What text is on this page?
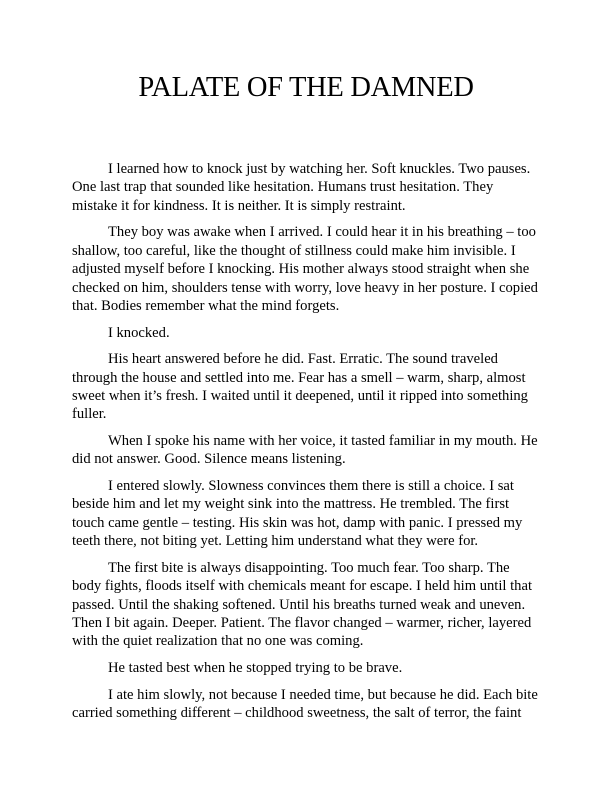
PALATE OF THE DAMNED

I learned how to knock just by watching her. Soft knuckles. Two pauses. One last trap that sounded like hesitation. Humans trust hesitation. They mistake it for kindness. It is neither. It is simply restraint.

They boy was awake when I arrived. I could hear it in his breathing – too shallow, too careful, like the thought of stillness could make him invisible. I adjusted myself before I knocking. His mother always stood straight when she checked on him, shoulders tense with worry, love heavy in her posture. I copied that. Bodies remember what the mind forgets.

I knocked.

His heart answered before he did. Fast. Erratic. The sound traveled through the house and settled into me. Fear has a smell – warm, sharp, almost sweet when it’s fresh. I waited until it deepened, until it ripped into something fuller.

When I spoke his name with her voice, it tasted familiar in my mouth. He did not answer. Good. Silence means listening.

I entered slowly. Slowness convinces them there is still a choice. I sat beside him and let my weight sink into the mattress. He trembled. The first touch came gentle – testing. His skin was hot, damp with panic. I pressed my teeth there, not biting yet. Letting him understand what they were for.

The first bite is always disappointing. Too much fear. Too sharp. The body fights, floods itself with chemicals meant for escape. I held him until that passed. Until the shaking softened. Until his breaths turned weak and uneven. Then I bit again. Deeper. Patient. The flavor changed – warmer, richer, layered with the quiet realization that no one was coming.

He tasted best when he stopped trying to be brave.

I ate him slowly, not because I needed time, but because he did. Each bite carried something different – childhood sweetness, the salt of terror, the faint
